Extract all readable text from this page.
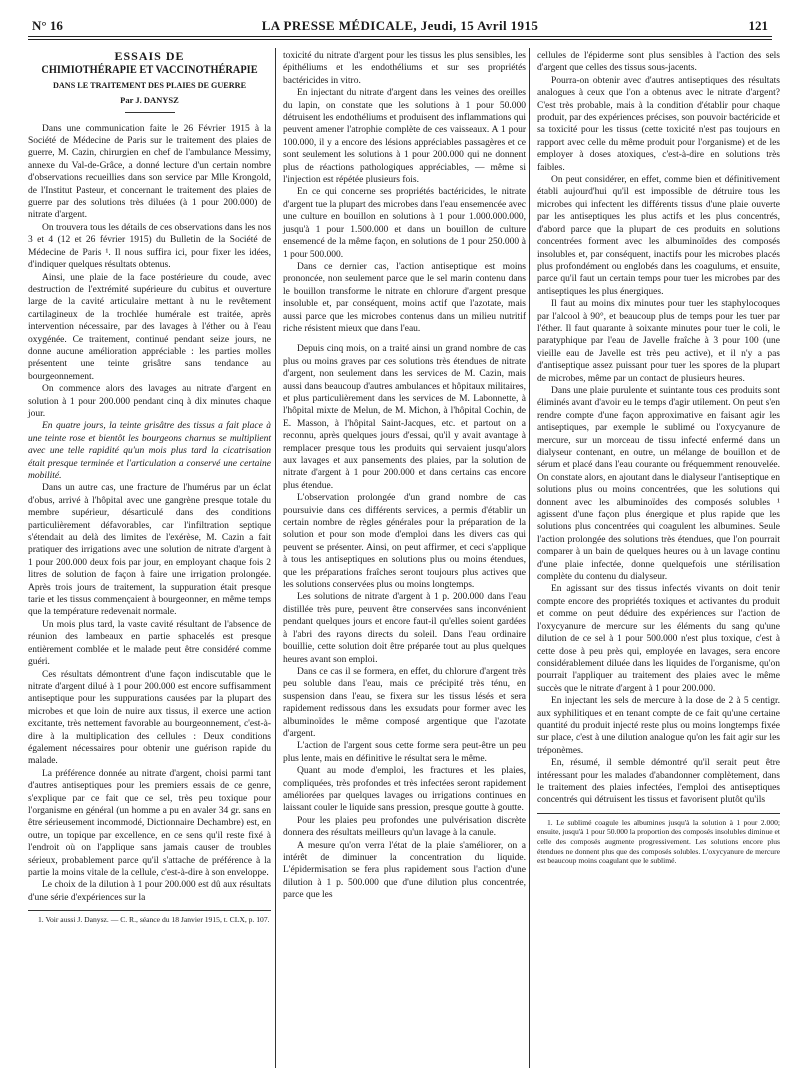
N° 16	LA PRESSE MÉDICALE, Jeudi, 15 Avril 1915	121
ESSAIS DE
CHIMIOTHÉRAPIE ET VACCINOTHÉRAPIE
DANS LE TRAITEMENT DES PLAIES DE GUERRE
Par J. DANYSZ

Dans une communication faite le 26 Février 1915 à la Société de Médecine de Paris sur le traitement des plaies de guerre, M. Cazin, chirurgien en chef de l'ambulance Messimy, annexe du Val-de-Grâce, a donné lecture d'un certain nombre d'observations recueillies dans son service par Mlle Krongold, de l'Institut Pasteur, et concernant le traitement des plaies de guerre par des solutions très diluées (à 1 pour 200.000) de nitrate d'argent.

On trouvera tous les détails de ces observations dans les nos 3 et 4 (12 et 26 février 1915) du Bulletin de la Société de Médecine de Paris ¹. Il nous suffira ici, pour fixer les idées, d'indiquer quelques résultats obtenus.

Ainsi, une plaie de la face postérieure du coude, avec destruction de l'extrémité supérieure du cubitus et ouverture large de la cavité articulaire mettant à nu le revêtement cartilagineux de la trochlée humérale est traitée, après intervention nécessaire, par des lavages à l'éther ou à l'eau oxygénée. Ce traitement, continué pendant seize jours, ne donne aucune amélioration appréciable : les parties molles présentent une teinte grisâtre sans tendance au bourgeonnement.

On commence alors des lavages au nitrate d'argent en solution à 1 pour 200.000 pendant cinq à dix minutes chaque jour.

En quatre jours, la teinte grisâtre des tissus a fait place à une teinte rose et bientôt les bourgeons charnus se multiplient avec une telle rapidité qu'un mois plus tard la cicatrisation était presque terminée et l'articulation a conservé une certaine mobilité.

Dans un autre cas, une fracture de l'humérus par un éclat d'obus, arrivé à l'hôpital avec une gangrène presque totale du membre supérieur, désarticulé dans des conditions particulièrement défavorables, car l'infiltration septique s'étendait au delà des limites de l'exérèse, M. Cazin a fait pratiquer des irrigations avec une solution de nitrate d'argent à 1 pour 200.000 deux fois par jour, en employant chaque fois 2 litres de solution de façon à faire une irrigation prolongée. Après trois jours de traitement, la suppuration était presque tarie et les tissus commençaient à bourgeonner, en même temps que la température redevenait normale.

Un mois plus tard, la vaste cavité résultant de l'absence de réunion des lambeaux en partie sphacelés est presque entièrement comblée et le malade peut être considéré comme guéri.

Ces résultats démontrent d'une façon indiscutable que le nitrate d'argent dilué à 1 pour 200.000 est encore suffisamment antiseptique pour les suppurations causées par la plupart des microbes et que loin de nuire aux tissus, il exerce une action excitante, très nettement favorable au bourgeonnement, c'est-à-dire à la multiplication des cellules : Deux conditions également nécessaires pour obtenir une guérison rapide du malade.

La préférence donnée au nitrate d'argent, choisi parmi tant d'autres antiseptiques pour les premiers essais de ce genre, s'explique par ce fait que ce sel, très peu toxique pour l'organisme en général (un homme a pu en avaler 34 gr. sans en être sérieusement incommodé, Dictionnaire Dechambre) est, en outre, un topique par excellence, en ce sens qu'il reste fixé à l'endroit où on l'applique sans jamais causer de troubles sérieux, probablement parce qu'il s'attache de préférence à la partie la moins vitale de la cellule, c'est-à-dire à son enveloppe.

Le choix de la dilution à 1 pour 200.000 est dû aux résultats d'une série d'expériences sur la

1. Voir aussi J. Danysz. — C. R., séance du 18 Janvier 1915, t. CLX, p. 107.

toxicité du nitrate d'argent pour les tissus les plus sensibles, les épithéliums et les endothéliums et sur ses propriétés bactéricides in vitro.

En injectant du nitrate d'argent dans les veines des oreilles du lapin, on constate que les solutions à 1 pour 50.000 détruisent les endothéliums et produisent des inflammations qui peuvent amener l'atrophie complète de ces vaisseaux. A 1 pour 100.000, il y a encore des lésions appréciables passagères et ce sont seulement les solutions à 1 pour 200.000 qui ne donnent plus de réactions pathologiques appréciables, — même si l'injection est répétée plusieurs fois.

En ce qui concerne ses propriétés bactéricides, le nitrate d'argent tue la plupart des microbes dans l'eau ensemencée avec une culture en bouillon en solutions à 1 pour 1.000.000.000, jusqu'à 1 pour 1.500.000 et dans un bouillon de culture ensemencé de la même façon, en solutions de 1 pour 250.000 à 1 pour 500.000.

Dans ce dernier cas, l'action antiseptique est moins prononcée, non seulement parce que le sel marin contenu dans le bouillon transforme le nitrate en chlorure d'argent presque insoluble et, par conséquent, moins actif que l'azotate, mais aussi parce que les microbes contenus dans un milieu nutritif riche résistent mieux que dans l'eau.

Depuis cinq mois, on a traité ainsi un grand nombre de cas plus ou moins graves par ces solutions très étendues de nitrate d'argent, non seulement dans les services de M. Cazin, mais aussi dans beaucoup d'autres ambulances et hôpitaux militaires, et plus particulièrement dans les services de M. Labonnette, à l'hôpital mixte de Melun, de M. Michon, à l'hôpital Cochin, de E. Masson, à l'hôpital Saint-Jacques, etc. et partout on a reconnu, après quelques jours d'essai, qu'il y avait avantage à remplacer presque tous les produits qui servaient jusqu'alors aux lavages et aux pansements des plaies, par la solution de nitrate d'argent à 1 pour 200.000 et dans certains cas encore plus étendue.

L'observation prolongée d'un grand nombre de cas poursuivie dans ces différents services, a permis d'établir un certain nombre de règles générales pour la préparation de la solution et pour son mode d'emploi dans les divers cas qui peuvent se présenter. Ainsi, on peut affirmer, et ceci s'applique à tous les antiseptiques en solutions plus ou moins étendues, que les préparations fraîches seront toujours plus actives que les solutions conservées plus ou moins longtemps.

Les solutions de nitrate d'argent à 1 p. 200.000 dans l'eau distillée très pure, peuvent être conservées sans inconvénient pendant quelques jours et encore faut-il qu'elles soient gardées à l'abri des rayons directs du soleil. Dans l'eau ordinaire bouillie, cette solution doit être préparée tout au plus quelques heures avant son emploi.

Dans ce cas il se formera, en effet, du chlorure d'argent très peu soluble dans l'eau, mais ce précipité très ténu, en suspension dans l'eau, se fixera sur les tissus lésés et sera rapidement redissous dans les exsudats pour former avec les albuminoïdes le même composé argentique que l'azotate d'argent.

L'action de l'argent sous cette forme sera peut-être un peu plus lente, mais en définitive le résultat sera le même.

Quant au mode d'emploi, les fractures et les plaies, compliquées, très profondes et très infectées seront rapidement améliorées par quelques lavages ou irrigations continues en laissant couler le liquide sans pression, presque goutte à goutte.

Pour les plaies peu profondes une pulvérisation discrète donnera des résultats meilleurs qu'un lavage à la canule.

A mesure qu'on verra l'état de la plaie s'améliorer, on a intérêt de diminuer la concentration du liquide. L'épidermisation se fera plus rapidement sous l'action d'une dilution à 1 p. 500.000 que d'une dilution plus concentrée, parce que les

cellules de l'épiderme sont plus sensibles à l'action des sels d'argent que celles des tissus sous-jacents.

Pourra-on obtenir avec d'autres antiseptiques des résultats analogues à ceux que l'on a obtenus avec le nitrate d'argent? C'est très probable, mais à la condition d'établir pour chaque produit, par des expériences précises, son pouvoir bactéricide et sa toxicité pour les tissus (cette toxicité n'est pas toujours en rapport avec celle du même produit pour l'organisme) et de les employer à doses atoxiques, c'est-à-dire en solutions très faibles.

On peut considérer, en effet, comme bien et définitivement établi aujourd'hui qu'il est impossible de détruire tous les microbes qui infectent les différents tissus d'une plaie ouverte par les antiseptiques les plus actifs et les plus concentrés, d'abord parce que la plupart de ces produits en solutions concentrées forment avec les albuminoïdes des composés insolubles et, par conséquent, inactifs pour les microbes placés plus profondément ou englobés dans les coagulums, et ensuite, parce qu'il faut un certain temps pour tuer les microbes par des antiseptiques les plus énergiques.

Il faut au moins dix minutes pour tuer les staphylocoques par l'alcool à 90°, et beaucoup plus de temps pour les tuer par l'éther. Il faut quarante à soixante minutes pour tuer le coli, le paratyphique par l'eau de Javelle fraîche à 3 pour 100 (une vieille eau de Javelle est très peu active), et il n'y a pas d'antiseptique assez puissant pour tuer les spores de la plupart de microbes, même par un contact de plusieurs heures.

Dans une plaie purulente et suintante tous ces produits sont éliminés avant d'avoir eu le temps d'agir utilement. On peut s'en rendre compte d'une façon approximative en faisant agir les antiseptiques, par exemple le sublimé ou l'oxycyanure de mercure, sur un morceau de tissu infecté enfermé dans un dialyseur contenant, en outre, un mélange de bouillon et de sérum et placé dans l'eau courante ou fréquemment renouvelée. On constate alors, en ajoutant dans le dialyseur l'antiseptique en solutions plus ou moins concentrées, que les solutions qui donnent avec les albuminoïdes des composés solubles ¹ agissent d'une façon plus énergique et plus rapide que les solutions plus concentrées qui coagulent les albumines. Seule l'action prolongée des solutions très étendues, que l'on pourrait comparer à un bain de quelques heures ou à un lavage continu d'une plaie infectée, donne quelquefois une stérilisation complète du contenu du dialyseur.

En agissant sur des tissus infectés vivants on doit tenir compte encore des propriétés toxiques et activantes du produit et comme on peut déduire des expériences sur l'action de l'oxycyanure de mercure sur les éléments du sang qu'une dilution de ce sel à 1 pour 500.000 n'est plus toxique, c'est à cette dose à peu près qui, employée en lavages, sera encore considérablement diluée dans les liquides de l'organisme, qu'on pourrait l'appliquer au traitement des plaies avec le même succès que le nitrate d'argent à 1 pour 200.000.

En injectant les sels de mercure à la dose de 2 à 5 centigr. aux syphilitiques et en tenant compte de ce fait qu'une certaine quantité du produit injecté reste plus ou moins longtemps fixée sur place, c'est à une dilution analogue qu'on les fait agir sur les tréponèmes.

En, résumé, il semble démontré qu'il serait peut être intéressant pour les malades d'abandonner complètement, dans le traitement des plaies infectées, l'emploi des antiseptiques concentrés qui détruisent les tissus et favorisent plutôt qu'ils

1. Le sublimé coagule les albumines jusqu'à la solution à 1 pour 2.000; ensuite, jusqu'à 1 pour 50.000 la proportion des composés insolubles diminue et celle des composés augmente progressivement. Les solutions encore plus étendues ne donnent plus que des composés solubles. L'oxycyanure de mercure est beaucoup moins coagulant que le sublimé.
